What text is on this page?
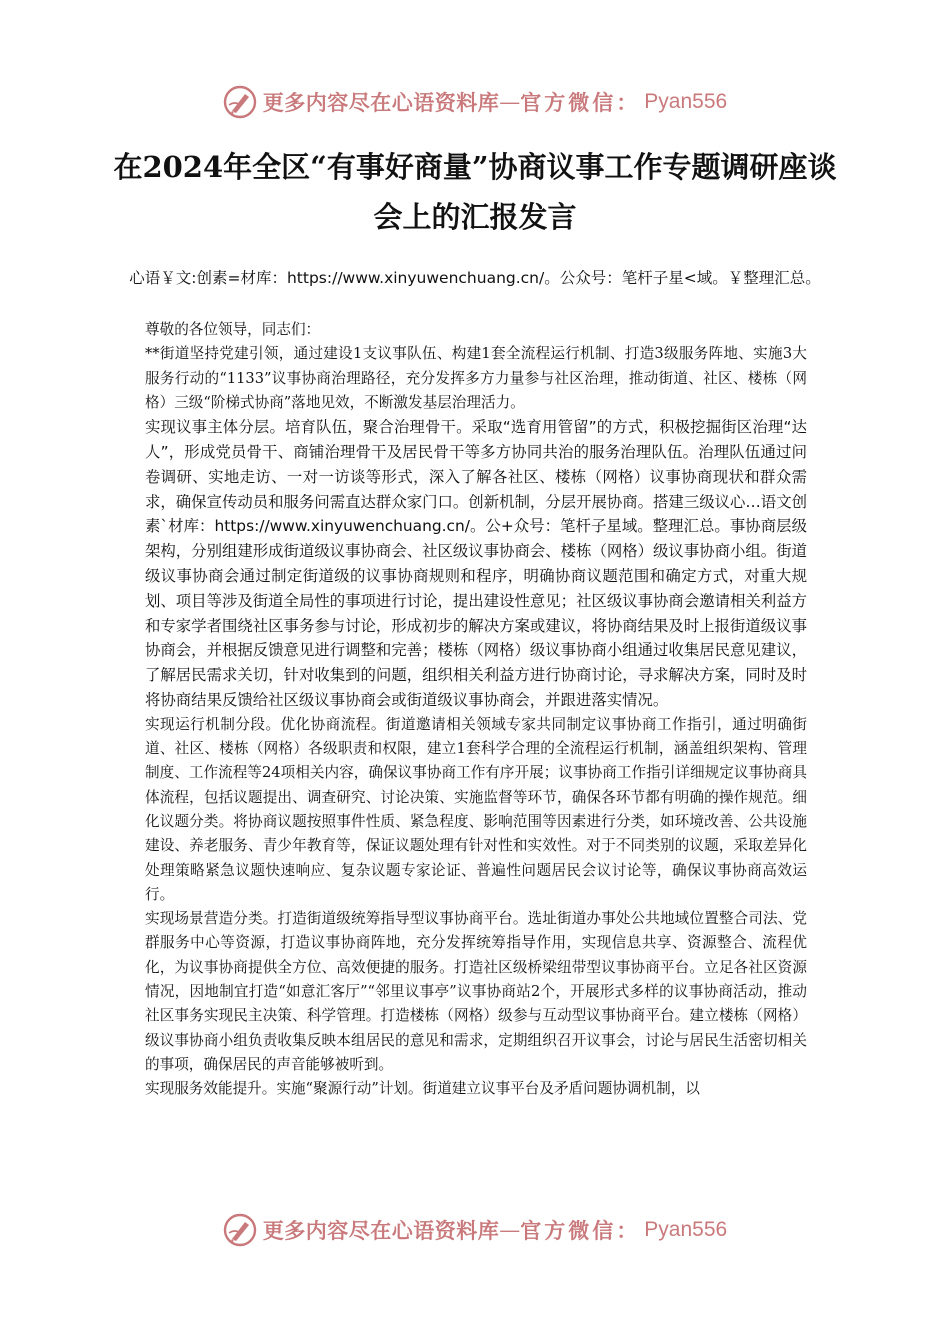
更多内容尽在心语资料库 — 官方微信： Pyan556
在2024年全区“有事好商量”协商议事工作专题调研座谈会上的汇报发言
心语￥文:创素=材库：https://www.xinyuwenchuang.cn/。公众号：笔杆子星<域。￥整理汇总。

尊敬的各位领导，同志们：

**街道坚持党建引领，通过建设1支议事队伍、构建1套全流程运行机制、打造3级服务阵地、实施3大服务行动的“1133”议事协商治理路径，充分发挥多方力量参与社区治理，推动街道、社区、楼栋（网格）三级“阶梯式协商”落地见效，不断激发基层治理活力。

实现议事主体分层。培育队伍，聚合治理骨干。采取“选育用管留”的方式，积极挖掘街区治理“达人”，形成党员骨干、商铺治理骨干及居民骨干等多方协同共治的服务治理队伍。治理队伍通过问卷调研、实地走访、一对一访谈等形式，深入了解各社区、楼栋（网格）议事协商现状和群众需求，确保宣传动员和服务问需直达群众家门口。创新机制，分层开展协商。搭建三级议心…语文创素`材库：https://www.xinyuwenchuang.cn/。公+众号：笔杆子星域。整理汇总。事协商层级架构，分别组建形成街道级议事协商会、社区级议事协商会、楼栋（网格）级议事协商小组。街道级议事协商会通过制定街道级的议事协商规则和程序，明确协商议题范围和确定方式，对重大规划、项目等涉及街道全局性的事项进行讨论，提出建设性意见；社区级议事协商会邀请相关利益方和专家学者围绕社区事务参与讨论，形成初步的解决方案或建议，将协商结果及时上报街道级议事协商会，并根据反馈意见进行调整和完善；楼栋（网格）级议事协商小组通过收集居民意见建议，了解居民需求关切，针对收集到的问题，组织相关利益方进行协商讨论，寻求解决方案，同时及时将协商结果反馈给社区级议事协商会或街道级议事协商会，并跟进落实情况。

实现运行机制分段。优化协商流程。街道邀请相关领域专家共同制定议事协商工作指引，通过明确街道、社区、楼栋（网格）各级职责和权限，建立1套科学合理的全流程运行机制，涵盖组织架构、管理制度、工作流程等24项相关内容，确保议事协商工作有序开展；议事协商工作指引详细规定议事协商具体流程，包括议题提出、调查研究、讨论决策、实施监督等环节，确保各环节都有明确的操作规范。细化议题分类。将协商议题按照事件性质、紧急程度、影响范围等因素进行分类，如环境改善、公共设施建设、养老服务、青少年教育等，保证议题处理有针对性和实效性。对于不同类别的议题，采取差异化处理策略紧急议题快速响应、复杂议题专家论证、普遍性问题居民会议讨论等，确保议事协商高效运行。

实现场景营造分类。打造街道级统筹指导型议事协商平台。选址街道办事处公共地域位置整合司法、党群服务中心等资源，打造议事协商阵地，充分发挥统筹指导作用，实现信息共享、资源整合、流程优化，为议事协商提供全方位、高效便捷的服务。打造社区级桥梁纽带型议事协商平台。立足各社区资源情况，因地制宜打造“如意汇客厅”“邻里议事亭”议事协商站2个，开展形式多样的议事协商活动，推动社区事务实现民主决策、科学管理。打造楼栋（网格）级参与互动型议事协商平台。建立楼栋（网格）级议事协商小组负责收集反映本组居民的意见和需求，定期组织召开议事会，讨论与居民生活密切相关的事项，确保居民的声音能够被听到。

实现服务效能提升。实施“聚源行动”计划。街道建立议事平台及矛盾问题协调机制，以

更多内容尽在心语资料库 — 官方微信： Pyan556
